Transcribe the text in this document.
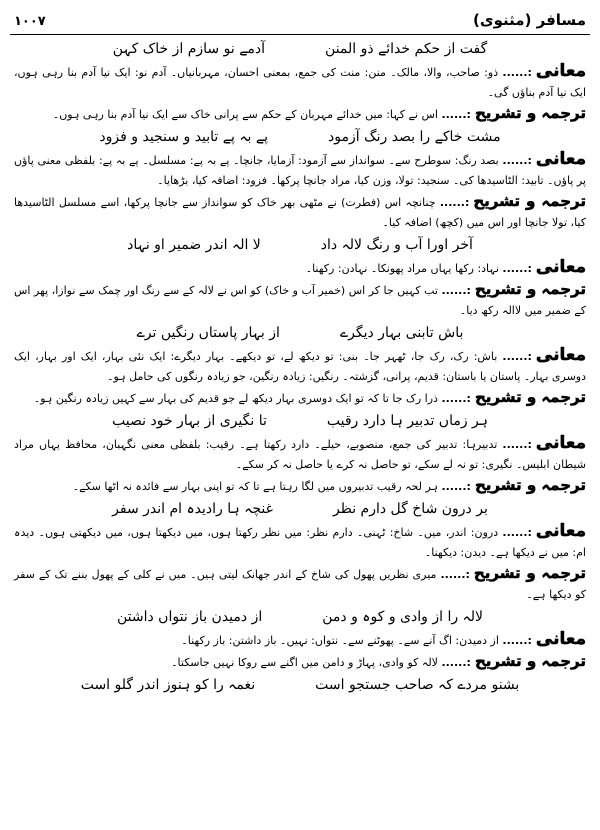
۱۰۰۷	مسافر (مثنوی)
گفت از حکم خدائے ذو المنن
آدمے نو سازم از خاک کہن

معانی:...... ذو: صاحب، والا، مالک۔ منن: منت کی جمع، بمعنی احسان، مہربانیاں۔ آدم نو: ایک نیا آدم بنا رہی ہوں، ایک نیا آدم بناؤں گی۔

ترجمہ و تشریح:...... اس نے کہا: میں خدائے مہربان کے حکم سے پرانی خاک سے ایک نیا آدم بنا رہی ہوں۔

مشت خاکے را بصد رنگ آزمود
پے بہ پے تابید و سنجید و فزود

معانی:...... بصد رنگ: سوطرح سے۔ سوانداز سے آزمود: آزمایا، جانچا۔ پے بہ پے: مسلسل۔ پے بہ پے: بلفظی معنی پاؤں پر پاؤں۔ تابید: الٹاسیدھا کی۔ سنجید: تولا، وزن کیا، مراد جانچا پرکھا۔ فزود: اضافہ کیا، بڑھایا۔

ترجمہ و تشریح:...... چنانچہ اس (فطرت) نے مٹھی بھر خاک کو سوانداز سے جانچا پرکھا، اسے مسلسل الٹاسیدھا کیا، تولا جانچا اور اس میں (کچھ) اضافہ کیا۔

آخر اورا آب و رنگ لالہ داد
لا الہ اندر ضمیر او نہاد

معانی:...... نہاد: رکھا یہاں مراد پھونکا۔ نہادن: رکھنا۔

ترجمہ و تشریح:...... تب کہیں جا کر اس (خمیر آب و خاک) کو اس نے لالہ کے سے رنگ اور چمک سے نوازا، پھر اس کے ضمیر میں لاالہ رکھ دیا۔

باش تابنی بہار دیگرے
از بہار پاستاں رنگیں ترے

معانی:...... باش: رک، رک جا، ٹھہر جا۔ بنی: تو دیکھ لے، تو دیکھے۔ بہار دیگرے: ایک نئی بہار، ایک اور بہار، ایک دوسری بہار۔ پاستان یا باستان: قدیم، پرانی، گزشتہ۔ رنگیں: زیادہ رنگین، جو زیادہ رنگوں کی حامل ہو۔

ترجمہ و تشریح:...... ذرا رک جا تا کہ تو ایک دوسری بہار دیکھ لے جو قدیم کی بہار سے کہیں زیادہ رنگین ہو۔

ہر زماں تدبیر ہا دارد رقیب
تا نگیری از بہار خود نصیب

معانی:...... تدبیرہا: تدبیر کی جمع، منصوبے، حیلے۔ دارد رکھتا ہے۔ رقیب: بلفظی معنی نگہبان، محافظ یہاں مراد شیطان ابلیس۔ نگیری: تو نہ لے سکے، تو حاصل نہ کرے یا حاصل نہ کر سکے۔

ترجمہ و تشریح:...... ہر لحہ رقیب تدبیروں میں لگا رہتا ہے تا کہ تو اپنی بہار سے فائدہ نہ اٹھا سکے۔

بر درون شاخ گل دارم نظر
غنچہ ہا رادیدہ ام اندر سفر

معانی:...... درون: اندر، میں۔ شاخ: ٹہنی۔ دارم نظر: میں نظر رکھتا ہوں، میں دیکھتا ہوں، میں دیکھتی ہوں۔ دیدہ ام: میں نے دیکھا ہے۔ دیدن: دیکھنا۔

ترجمہ و تشریح:...... میری نظریں پھول کی شاخ کے اندر جھانک لیتی ہیں۔ میں نے کلی کے پھول بننے تک کے سفر کو دیکھا ہے۔

لالہ را از وادی و کوہ و دمن
از دمیدن باز نتواں داشتن

معانی:...... از دمیدن: اگ آنے سے۔ پھوٹنے سے۔ نتواں: نہیں۔ باز داشتن: باز رکھنا۔

ترجمہ و تشریح:...... لالہ کو وادی، پہاڑ و دامن میں اگنے سے روکا نہیں جاسکتا۔

بشنو مردے کہ صاحب جستجو است
نغمہ را کو ہنوز اندر گلو است
